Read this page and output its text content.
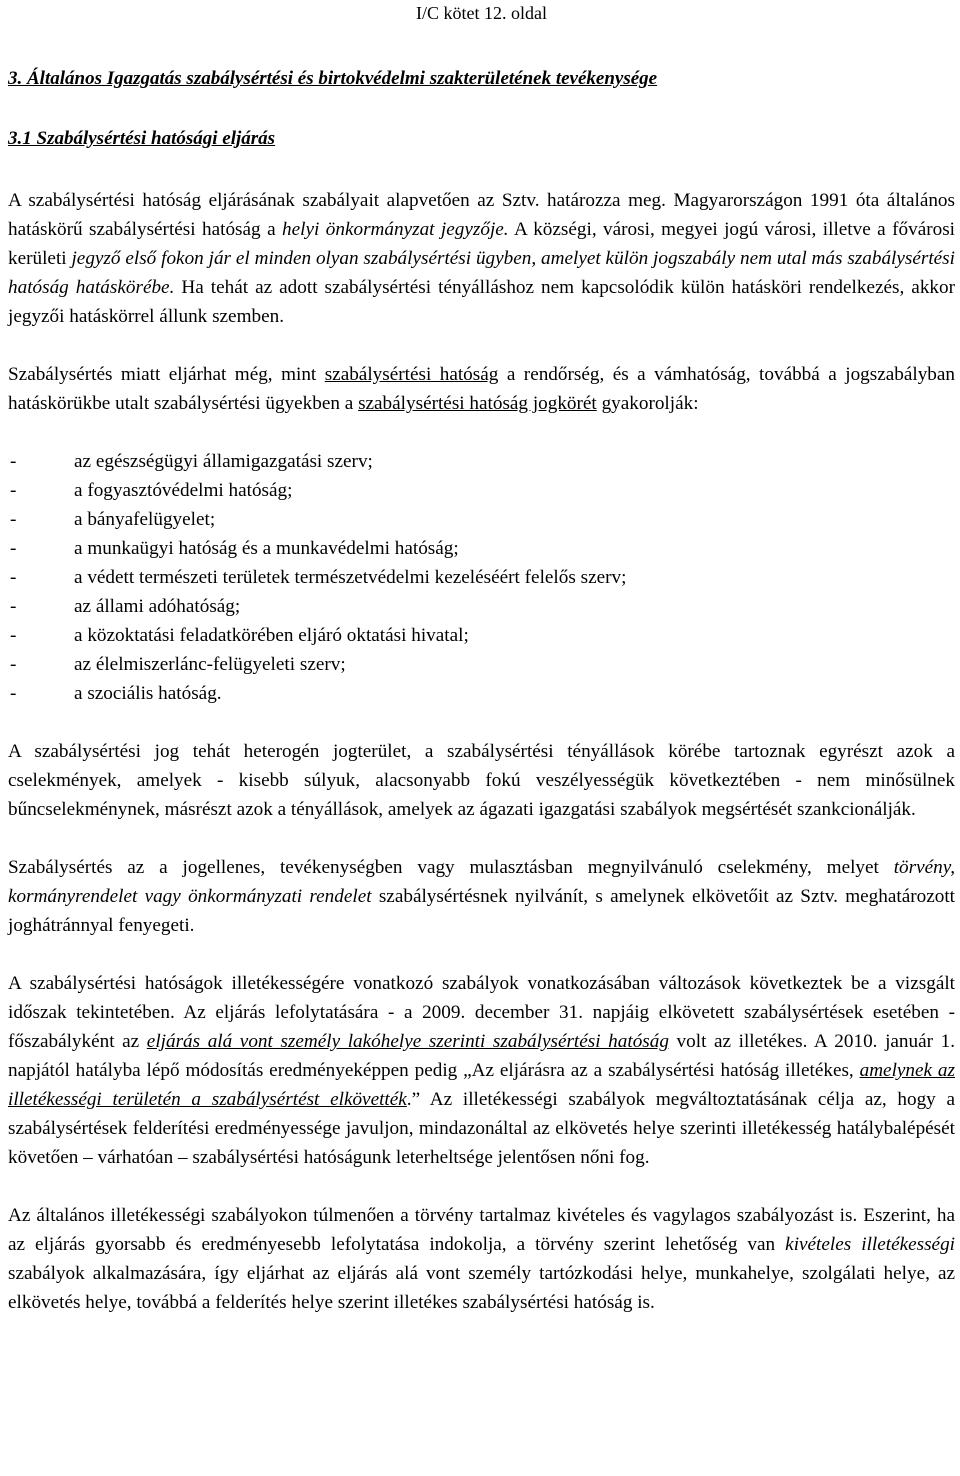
I/C kötet 12. oldal
3. Általános Igazgatás szabálysértési és birtokvédelmi szakterületének tevékenysége
3.1 Szabálysértési hatósági eljárás

A szabálysértési hatóság eljárásának szabályait alapvetően az Sztv. határozza meg. Magyarországon 1991 óta általános hatáskörű szabálysértési hatóság a helyi önkormányzat jegyzője. A községi, városi, megyei jogú városi, illetve a fővárosi kerületi jegyző első fokon jár el minden olyan szabálysértési ügyben, amelyet külön jogszabály nem utal más szabálysértési hatóság hatáskörébe. Ha tehát az adott szabálysértési tényálláshoz nem kapcsolódik külön hatásköri rendelkezés, akkor jegyzői hatáskörrel állunk szemben.

Szabálysértés miatt eljárhat még, mint szabálysértési hatóság a rendőrség, és a vámhatóság, továbbá a jogszabályban hatáskörükbe utalt szabálysértési ügyekben a szabálysértési hatóság jogkörét gyakorolják:

-	az egészségügyi államigazgatási szerv;
-	a fogyasztóvédelmi hatóság;
-	a bányafelügyelet;
-	a munkaügyi hatóság és a munkavédelmi hatóság;
-	a védett természeti területek természetvédelmi kezeléséért felelős szerv;
-	az állami adóhatóság;
-	a közoktatási feladatkörében eljáró oktatási hivatal;
-	az élelmiszerlánc-felügyeleti szerv;
-	a szociális hatóság.

A szabálysértési jog tehát heterogén jogterület, a szabálysértési tényállások körébe tartoznak egyrészt azok a cselekmények, amelyek - kisebb súlyuk, alacsonyabb fokú veszélyességük következtében - nem minősülnek bűncselekménynek, másrészt azok a tényállások, amelyek az ágazati igazgatási szabályok megsértését szankcionálják.

Szabálysértés az a jogellenes, tevékenységben vagy mulasztásban megnyilvánuló cselekmény, melyet törvény, kormányrendelet vagy önkormányzati rendelet szabálysértésnek nyilvánít, s amelynek elkövetőit az Sztv. meghatározott joghátránnyal fenyegeti.

A szabálysértési hatóságok illetékességére vonatkozó szabályok vonatkozásában változások következtek be a vizsgált időszak tekintetében. Az eljárás lefolytatására - a 2009. december 31. napjáig elkövetett szabálysértések esetében - főszabályként az eljárás alá vont személy lakóhelye szerinti szabálysértési hatóság volt az illetékes. A 2010. január 1. napjától hatályba lépő módosítás eredményeképpen pedig „Az eljárásra az a szabálysértési hatóság illetékes, amelynek az illetékességi területén a szabálysértést elkövették.” Az illetékességi szabályok megváltoztatásának célja az, hogy a szabálysértések felderítési eredményessége javuljon, mindazonáltal az elkövetés helye szerinti illetékesség hatálybalépését követően – várhatóan – szabálysértési hatóságunk leterheltsége jelentősen nőni fog.

Az általános illetékességi szabályokon túlmenően a törvény tartalmaz kivételes és vagylagos szabályozást is. Eszerint, ha az eljárás gyorsabb és eredményesebb lefolytatása indokolja, a törvény szerint lehetőség van kivételes illetékességi szabályok alkalmazására, így eljárhat az eljárás alá vont személy tartózkodási helye, munkahelye, szolgálati helye, az elkövetés helye, továbbá a felderítés helye szerint illetékes szabálysértési hatóság is.
